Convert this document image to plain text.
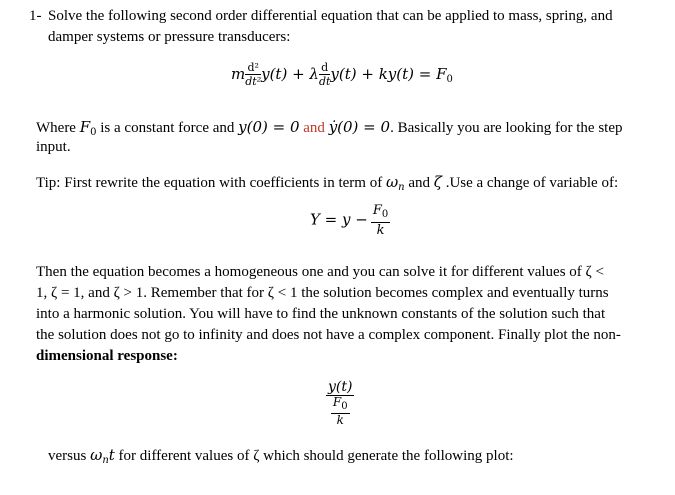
1- Solve the following second order differential equation that can be applied to mass, spring, and
damper systems or pressure transducers:
m $\frac{\text{d²}}{\text{dt²}} y(t) + \lambda \frac{d}{dt} y(t) + ky(t) = F_0$
Where $F_0$ is a constant force and y(0) = 0 and ẏ(0) = 0. Basically you are looking for the step
input.
Tip: First rewrite the equation with coefficients in term of $\omega_n$ and ζ .Use a change of variable of:
$Y = y - \frac{F_0}{k}$
Then the equation becomes a homogeneous one and you can solve it for different values of ζ <
1, ζ = 1, and ζ > 1. Remember that for ζ < 1 the solution becomes complex and eventually turns
into a harmonic solution. You will have to find the unknown constants of the solution such that
the solution does not go to infinity and does not have a complex component. Finally plot the non-
dimensional response:
$\frac{y(t)}{\frac{F_0}{k}}$
versus $\omega_nt$ for different values of ζ which should generate the following plot:
